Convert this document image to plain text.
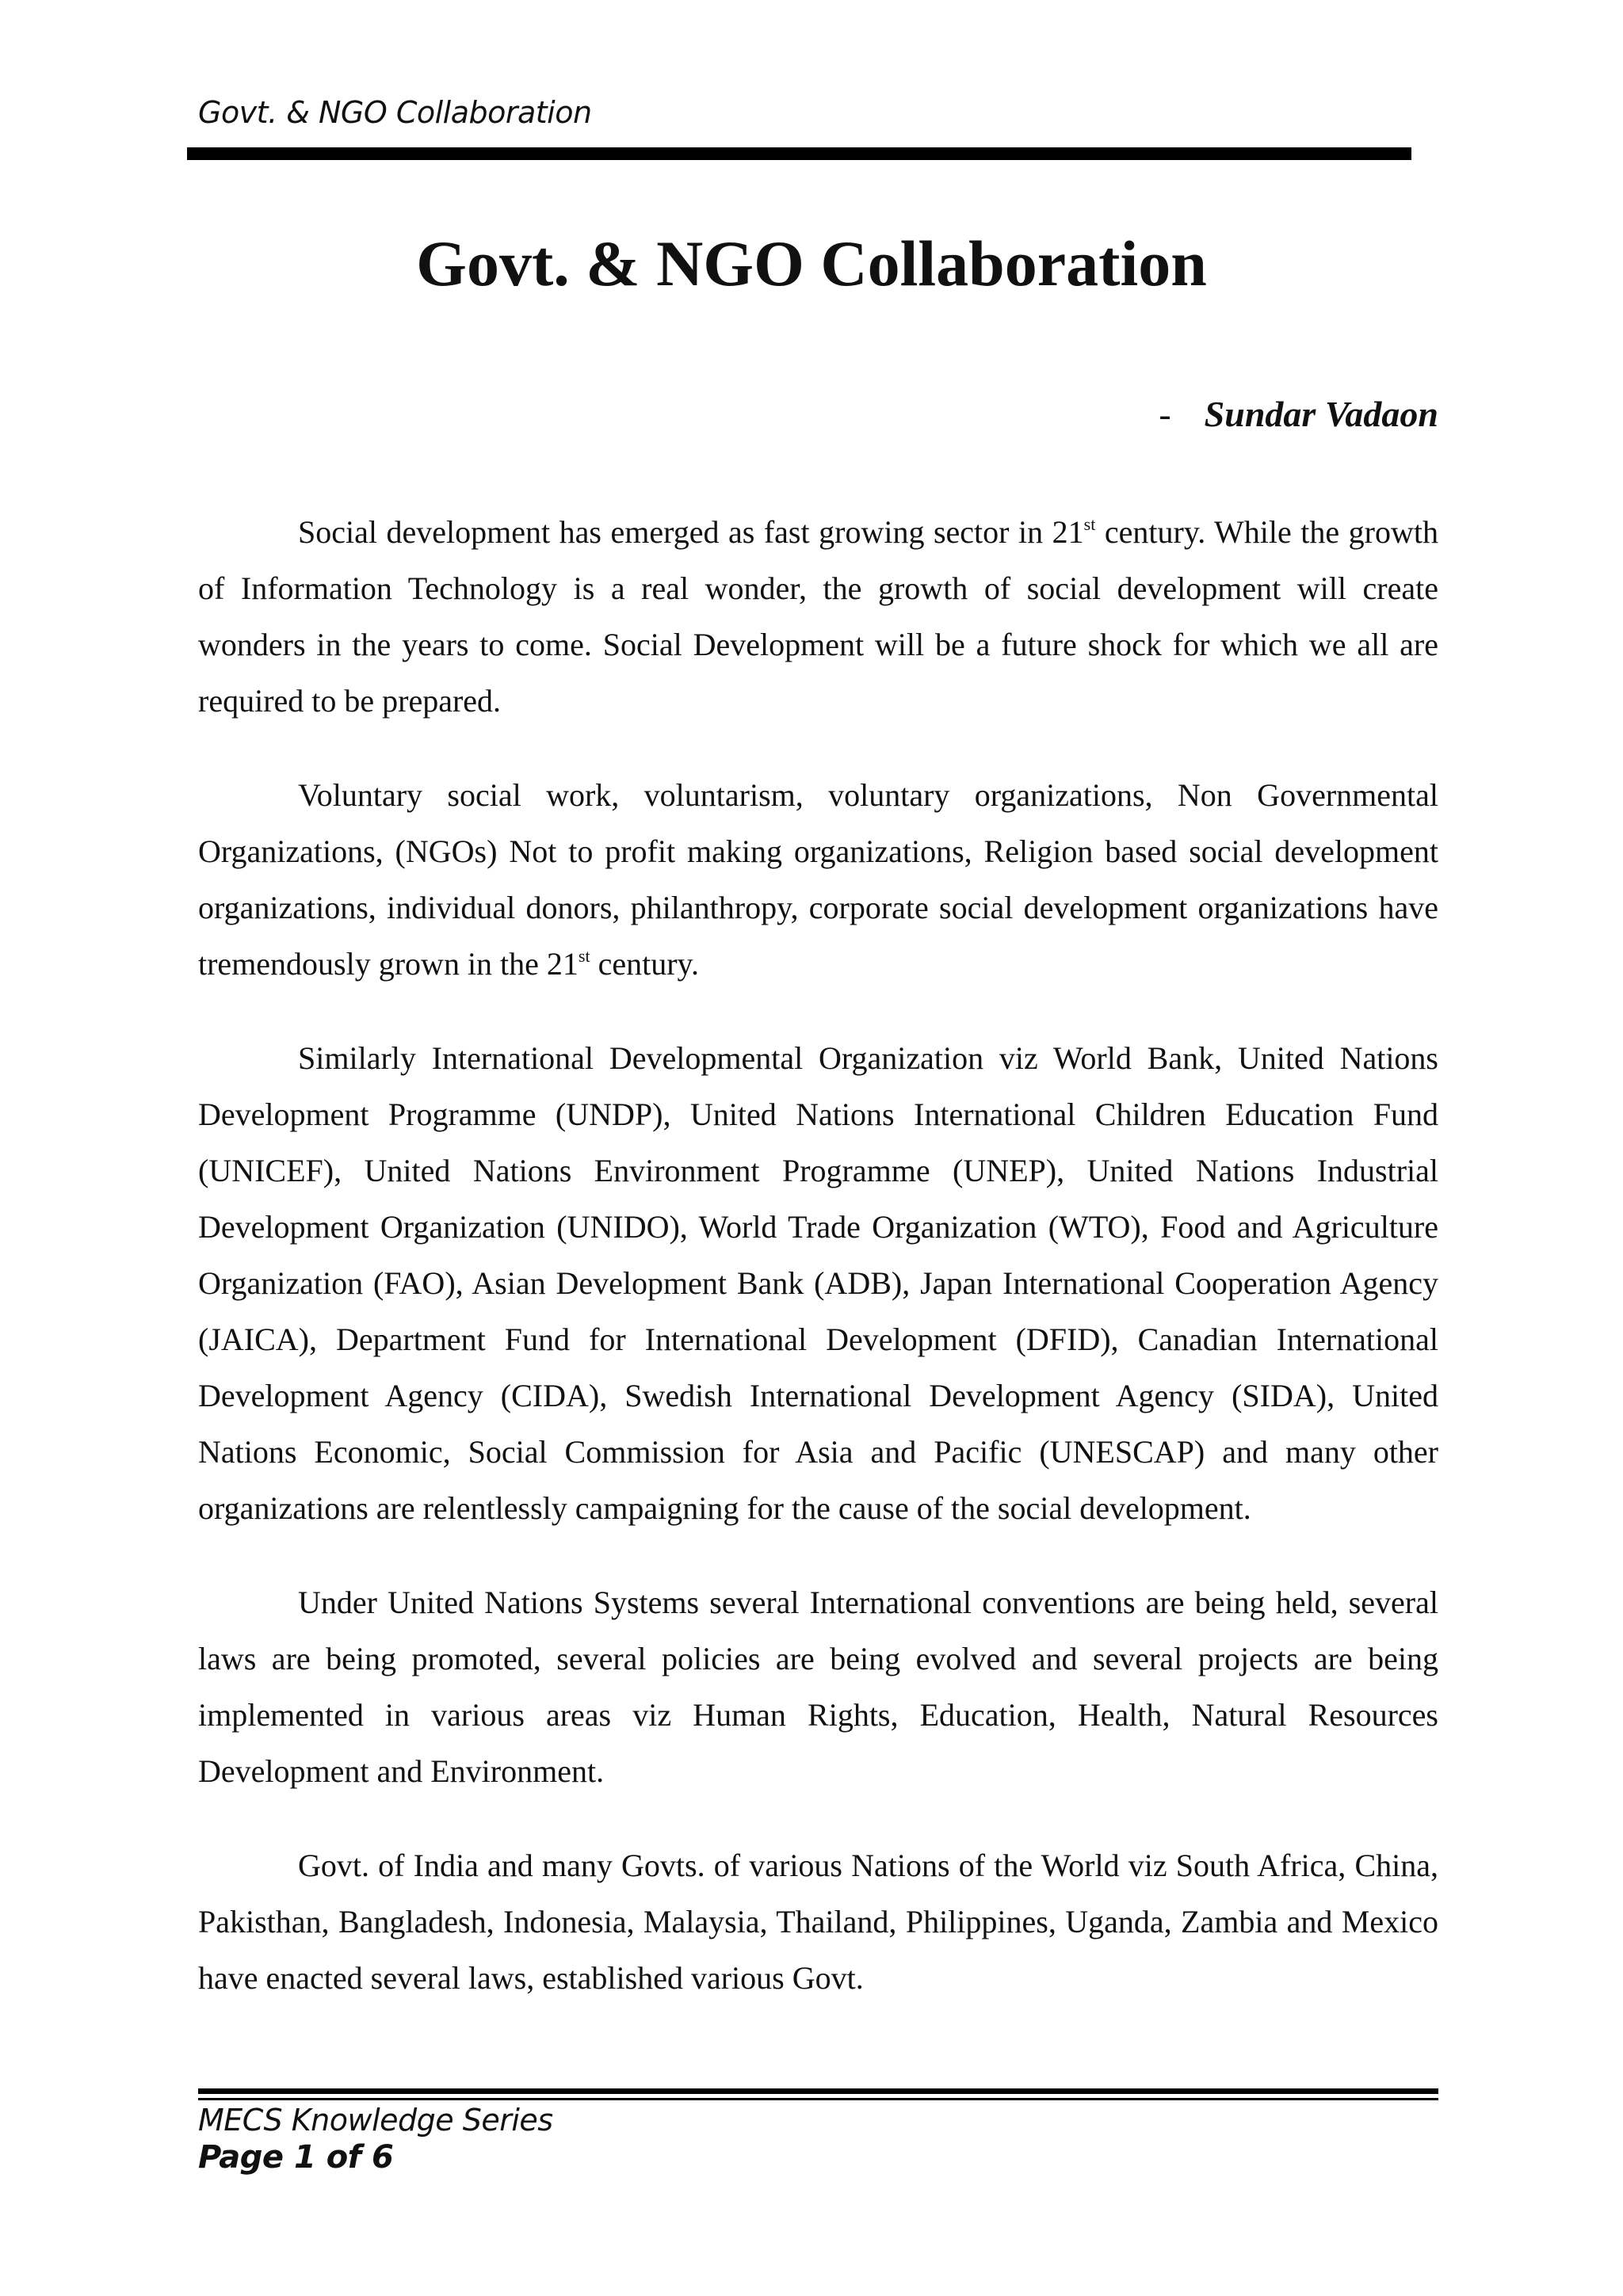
Govt. & NGO Collaboration
Govt. & NGO Collaboration
- Sundar Vadaon

Social development has emerged as fast growing sector in 21st century. While the growth of Information Technology is a real wonder, the growth of social development will create wonders in the years to come. Social Development will be a future shock for which we all are required to be prepared.

Voluntary social work, voluntarism, voluntary organizations, Non Governmental Organizations, (NGOs) Not to profit making organizations, Religion based social development organizations, individual donors, philanthropy, corporate social development organizations have tremendously grown in the 21st century.

Similarly International Developmental Organization viz World Bank, United Nations Development Programme (UNDP), United Nations International Children Education Fund (UNICEF), United Nations Environment Programme (UNEP), United Nations Industrial Development Organization (UNIDO), World Trade Organization (WTO), Food and Agriculture Organization (FAO), Asian Development Bank (ADB), Japan International Cooperation Agency (JAICA), Department Fund for International Development (DFID), Canadian International Development Agency (CIDA), Swedish International Development Agency (SIDA), United Nations Economic, Social Commission for Asia and Pacific (UNESCAP) and many other organizations are relentlessly campaigning for the cause of the social development.

Under United Nations Systems several International conventions are being held, several laws are being promoted, several policies are being evolved and several projects are being implemented in various areas viz Human Rights, Education, Health, Natural Resources Development and Environment.

Govt. of India and many Govts. of various Nations of the World viz South Africa, China, Pakisthan, Bangladesh, Indonesia, Malaysia, Thailand, Philippines, Uganda, Zambia and Mexico have enacted several laws, established various Govt.

MECS Knowledge Series
Page 1 of 6
